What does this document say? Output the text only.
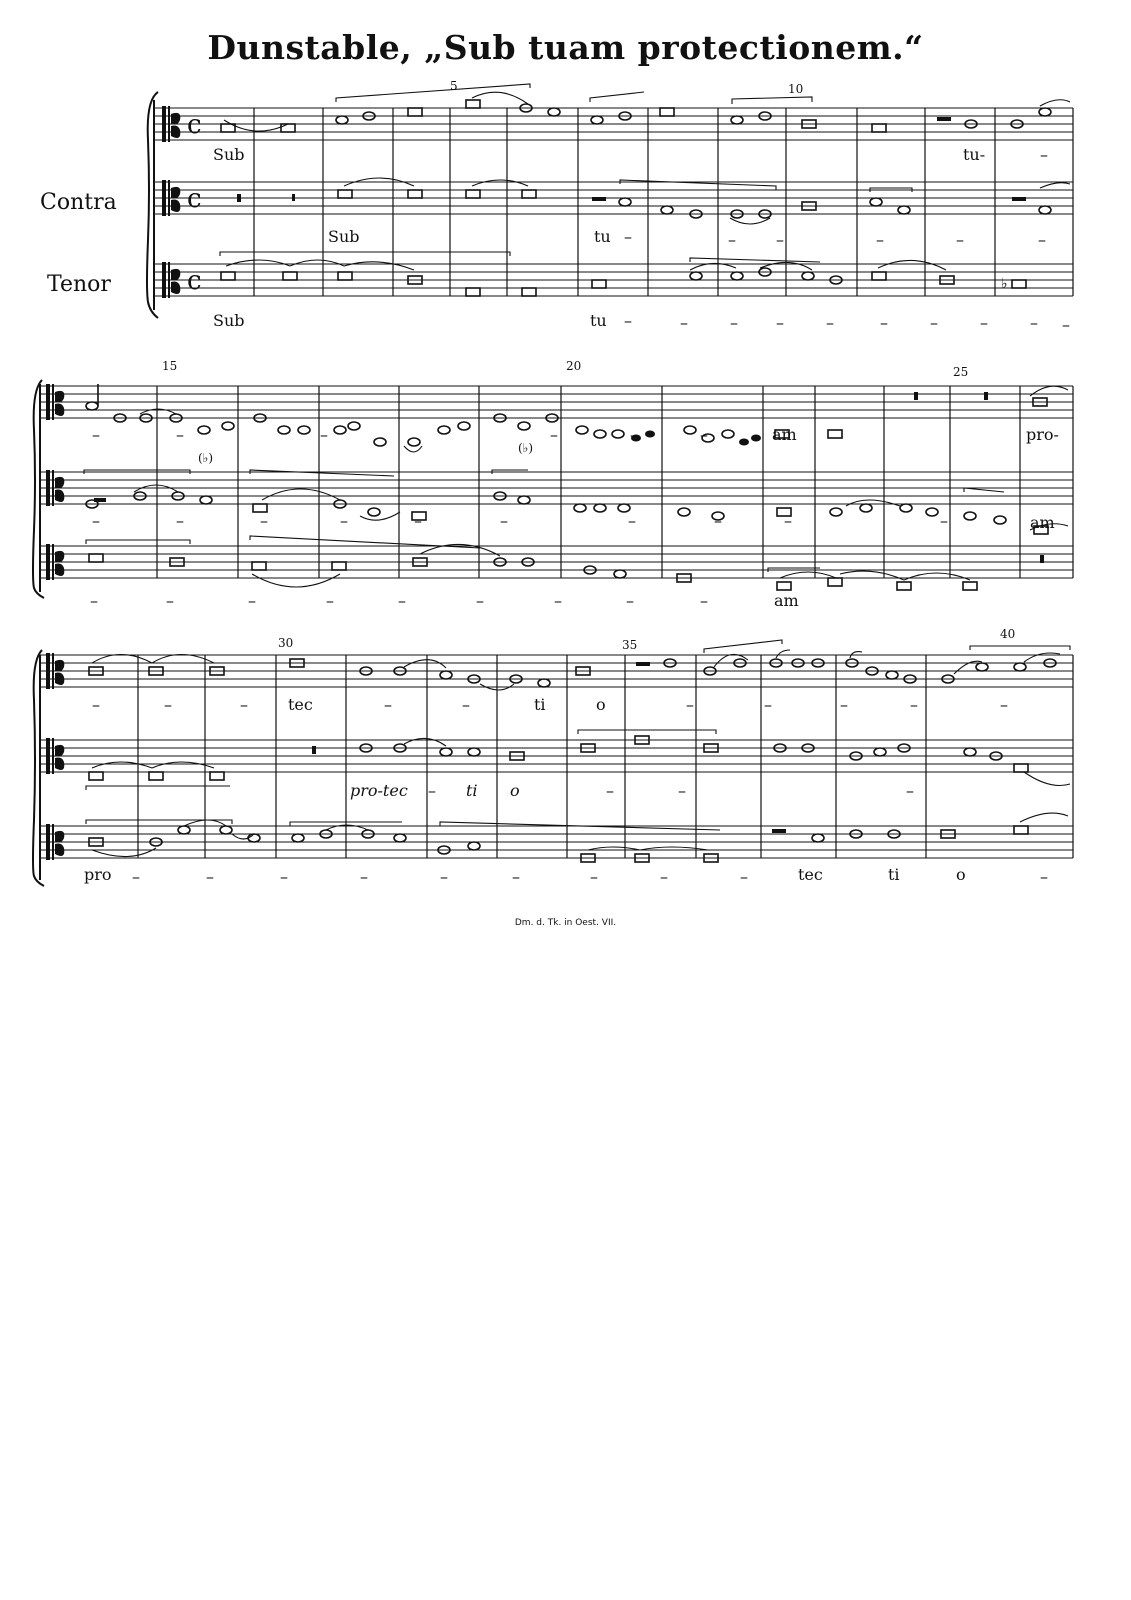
Dunstable, „Sub tuam protectionem.“
Contra
Tenor
c
c
c	♭
5	10
Sub	tu-	–
Sub	tu –	–	–	–	–	–
Sub	tu –	–	– –	–	–	–	–	– –
15	20	25
(♭)
(♭)
–	–	–	–	–	–	am	pro-
–	–	–	–	–	–	–	–	–	–	am
–	–	–	–	–	–	–	–	–	am
30	35
40
–	–	–	tec	–	–	ti	o	–	–	–	–	–
pro-tec – ti o	–	–	–
pro –	–	–	–	–	–	–	–	–	tec	ti	o	–
Dm. d. Tk. in Oest. VII.
